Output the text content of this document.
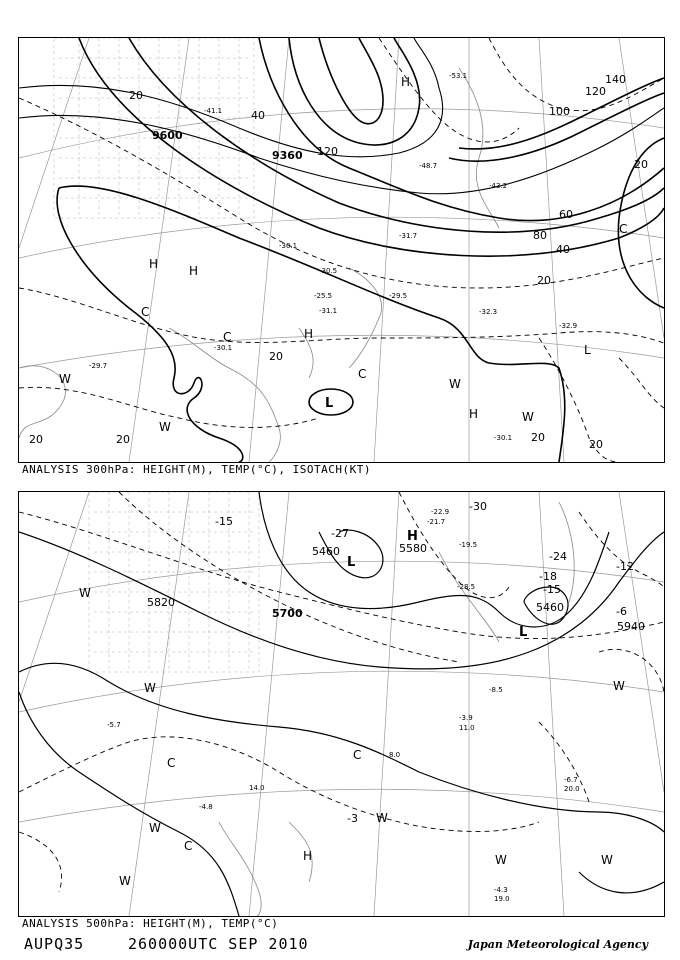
9600
9360
20
20
40
40
60
80
100
120
120
140
20
20	20	20
20
20
-41.1
-48.7
-53.1
-43.2
-31.7
-30.1
-30.5
-29.5
-32.3
-25.5
-31.1
-30.1
-29.7
-32.9
-30.1
H	H
H
H
H
L
L
C
C
C
C
W
W
W
W
ANALYSIS 300hPa: HEIGHT(M), TEMP(°C), ISOTACH(KT)
5820
5700
5460	5580
5460
5940
-15
-30
-27
-24
-18
-15
-12
-6
-3
-22.9
-21.7
-19.5
-28.5
-3.9
11.0
-6.7
20.0
-4.3
19.0
-5.7
-4.8
14.0
8.0
-8.5
W
W
W
W
W
W	W
W
H
H
L
L
C
C
C
ANALYSIS 500hPa: HEIGHT(M), TEMP(°C)
AUPQ35	260000UTC SEP 2010	Japan Meteorological Agency
